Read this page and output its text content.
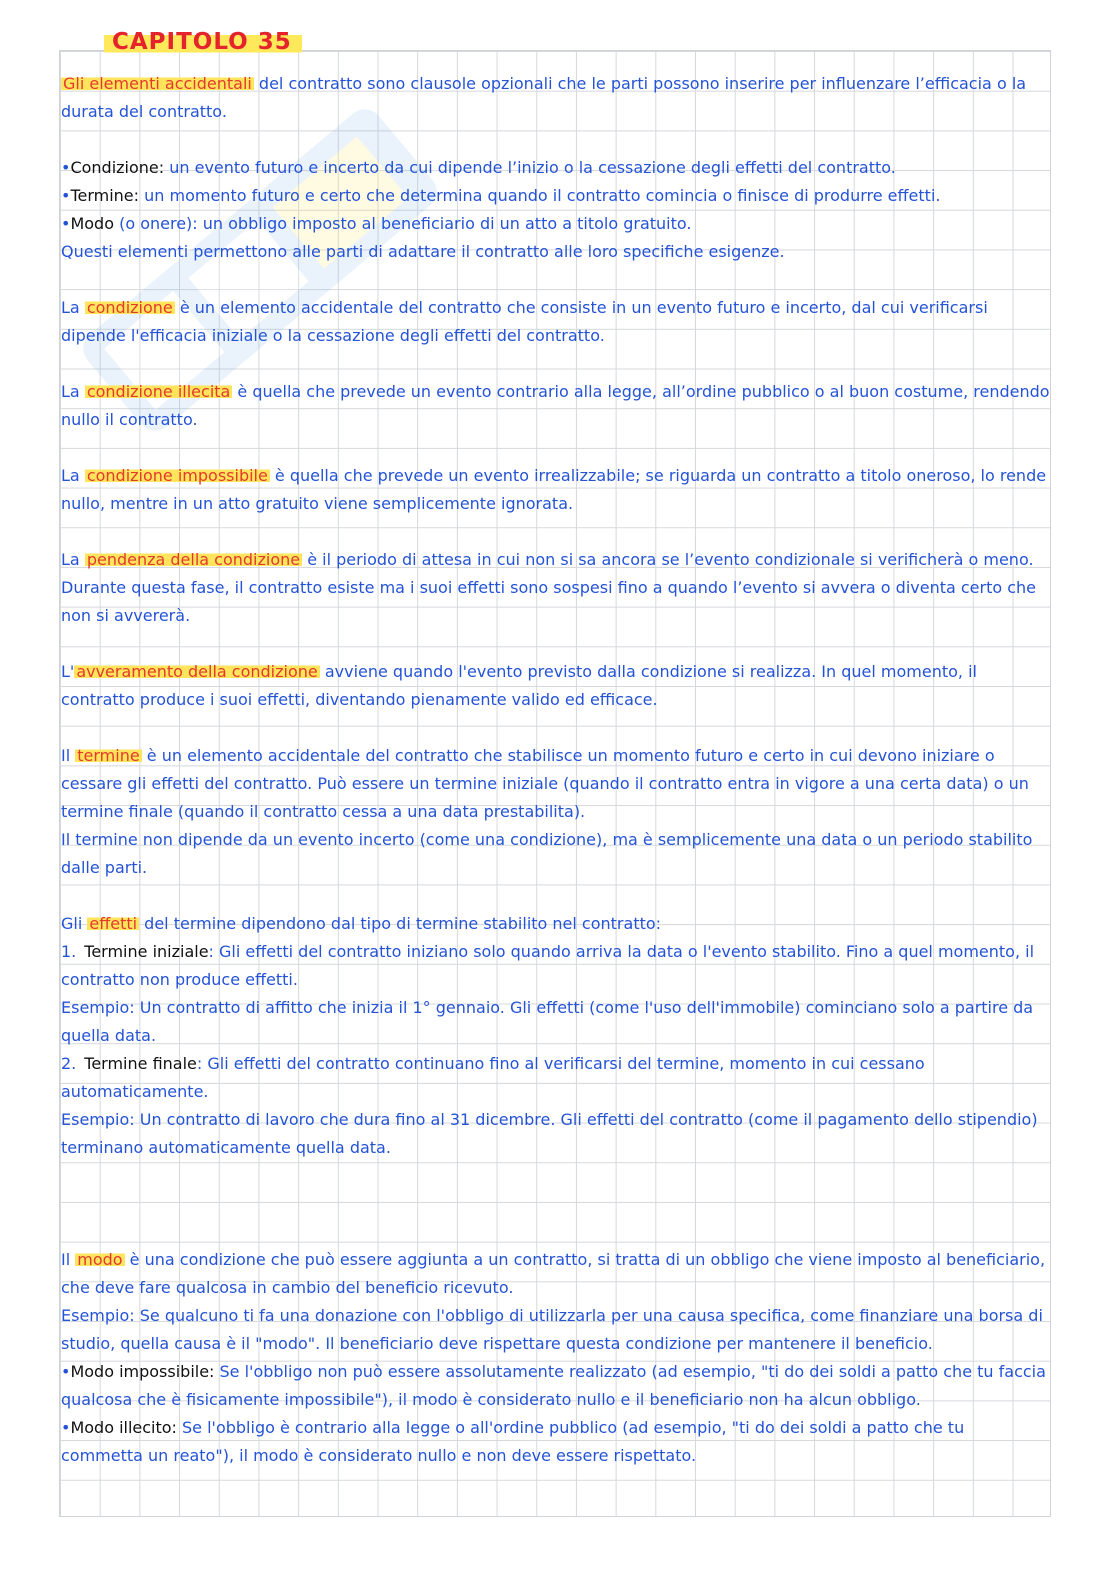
CAPITOLO 35

Gli elementi accidentali del contratto sono clausole opzionali che le parti possono inserire per influenzare l’efficacia o la durata del contratto.

•Condizione: un evento futuro e incerto da cui dipende l’inizio o la cessazione degli effetti del contratto.

•Termine: un momento futuro e certo che determina quando il contratto comincia o finisce di produrre effetti.

•Modo (o onere): un obbligo imposto al beneficiario di un atto a titolo gratuito.

Questi elementi permettono alle parti di adattare il contratto alle loro specifiche esigenze.

La condizione è un elemento accidentale del contratto che consiste in un evento futuro e incerto, dal cui verificarsi dipende l'efficacia iniziale o la cessazione degli effetti del contratto.

La condizione illecita è quella che prevede un evento contrario alla legge, all’ordine pubblico o al buon costume, rendendo nullo il contratto.

La condizione impossibile è quella che prevede un evento irrealizzabile; se riguarda un contratto a titolo oneroso, lo rende nullo, mentre in un atto gratuito viene semplicemente ignorata.

La pendenza della condizione è il periodo di attesa in cui non si sa ancora se l’evento condizionale si verificherà o meno. Durante questa fase, il contratto esiste ma i suoi effetti sono sospesi fino a quando l’evento si avvera o diventa certo che non si avvererà.

L' avveramento della condizione avviene quando l'evento previsto dalla condizione si realizza. In quel momento, il contratto produce i suoi effetti, diventando pienamente valido ed efficace.

Il termine è un elemento accidentale del contratto che stabilisce un momento futuro e certo in cui devono iniziare o cessare gli effetti del contratto. Può essere un termine iniziale (quando il contratto entra in vigore a una certa data) o un termine finale (quando il contratto cessa a una data prestabilita).

Il termine non dipende da un evento incerto (come una condizione), ma è semplicemente una data o un periodo stabilito dalle parti.

Gli effetti del termine dipendono dal tipo di termine stabilito nel contratto:

1. Termine iniziale: Gli effetti del contratto iniziano solo quando arriva la data o l'evento stabilito. Fino a quel momento, il contratto non produce effetti.

Esempio: Un contratto di affitto che inizia il 1° gennaio. Gli effetti (come l'uso dell'immobile) cominciano solo a partire da quella data.

2. Termine finale: Gli effetti del contratto continuano fino al verificarsi del termine, momento in cui cessano automaticamente.

Esempio: Un contratto di lavoro che dura fino al 31 dicembre. Gli effetti del contratto (come il pagamento dello stipendio) terminano automaticamente quella data.

Il modo è una condizione che può essere aggiunta a un contratto, si tratta di un obbligo che viene imposto al beneficiario, che deve fare qualcosa in cambio del beneficio ricevuto.

Esempio: Se qualcuno ti fa una donazione con l'obbligo di utilizzarla per una causa specifica, come finanziare una borsa di studio, quella causa è il "modo". Il beneficiario deve rispettare questa condizione per mantenere il beneficio.

•Modo impossibile: Se l'obbligo non può essere assolutamente realizzato (ad esempio, "ti do dei soldi a patto che tu faccia qualcosa che è fisicamente impossibile"), il modo è considerato nullo e il beneficiario non ha alcun obbligo.

•Modo illecito: Se l'obbligo è contrario alla legge o all'ordine pubblico (ad esempio, "ti do dei soldi a patto che tu commetta un reato"), il modo è considerato nullo e non deve essere rispettato.
